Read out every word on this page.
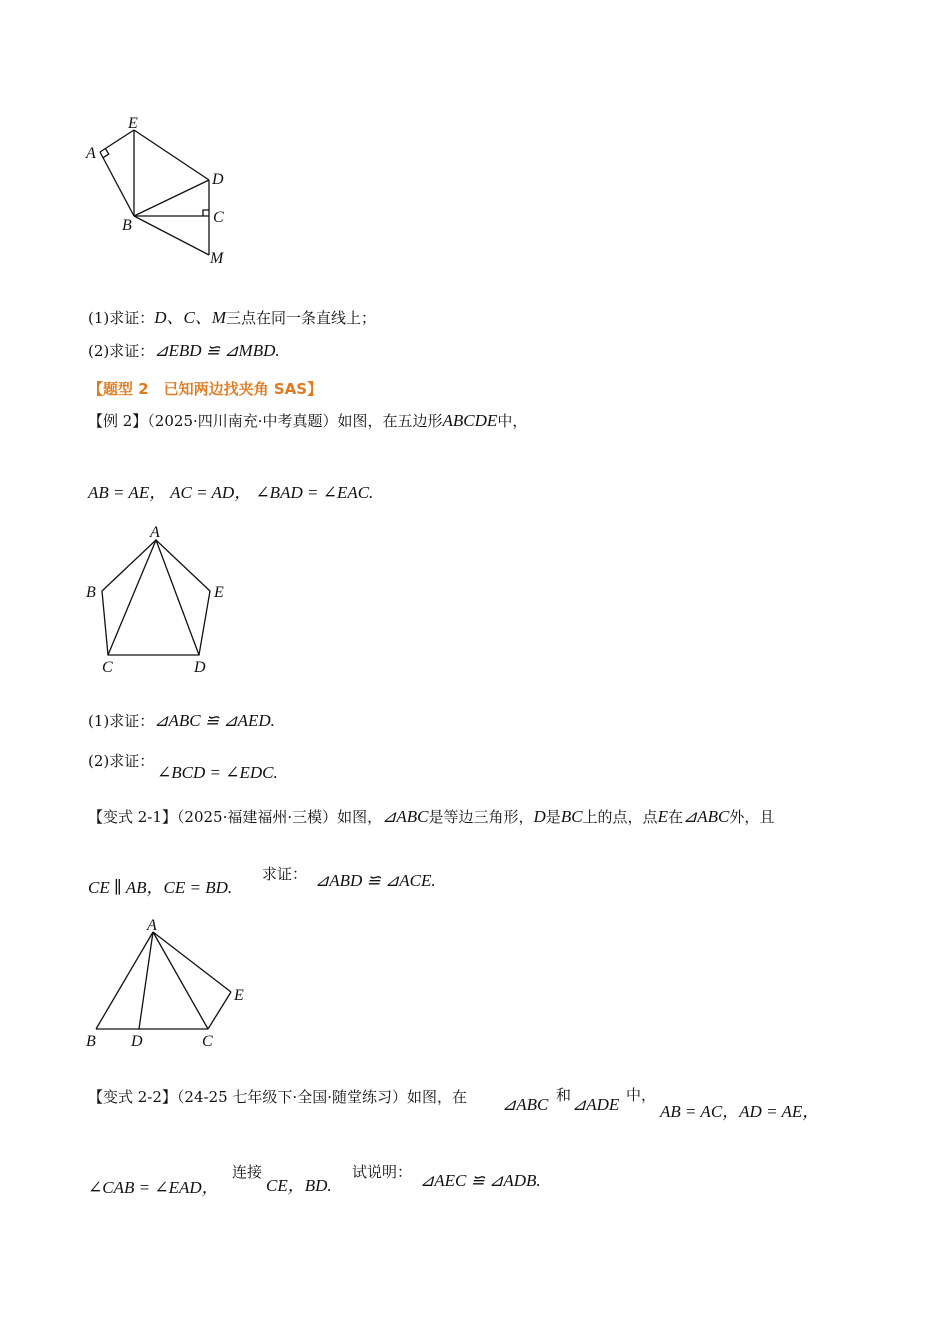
E
A
D
C
B
M
(1)求证：D、C、M三点在同一条直线上；
(2)求证：⊿EBD ≌ ⊿MBD.
【题型 2　已知两边找夹角 SAS】
【例 2】（2025·四川南充·中考真题）如图，在五边形ABCDE中，
AB = AE， AC = AD， ∠BAD = ∠EAC.
A
B	E
C	D
(1)求证：⊿ABC ≌ ⊿AED.
(2)求证：
∠BCD = ∠EDC.
【变式 2-1】（2025·福建福州·三模）如图，⊿ABC是等边三角形，D是BC上的点，点E在⊿ABC外，且
CE ∥ AB，CE = BD.
求证： ⊿ABD ≌ ⊿ACE.
A
E
B D	C
【变式 2-2】（24-25 七年级下·全国·随堂练习）如图，在 ⊿ABC 和 ⊿ADE 中，
AB = AC，AD = AE，
∠CAB = ∠EAD，
连接
CE，BD.
试说明： ⊿AEC ≌ ⊿ADB.
